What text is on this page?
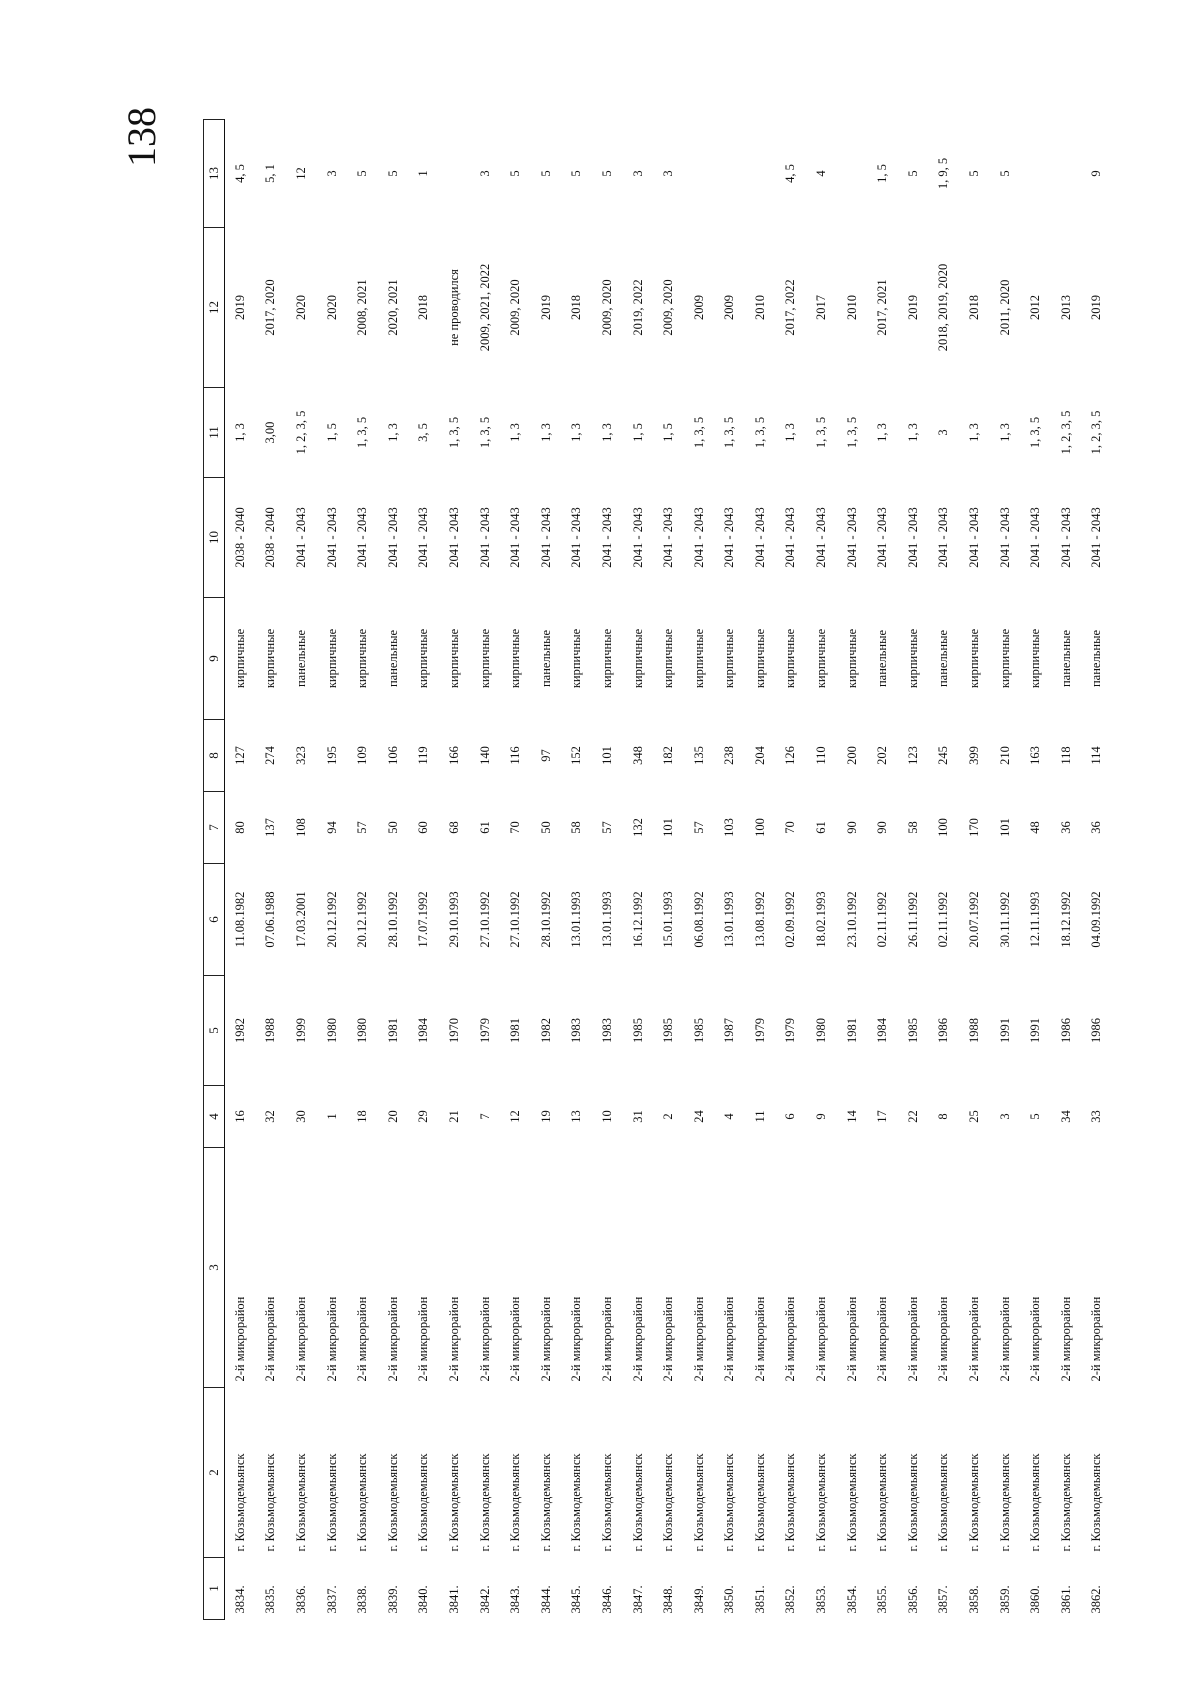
138
1	2	3	4	5	6	7	8	9	10	11	12	13
3834.	г. Козьмодемьянск	2-й микрорайон	16	1982	11.08.1982	80	127	кирпичные	2038 - 2040	1, 3	2019	4, 5
3835.	г. Козьмодемьянск	2-й микрорайон	32	1988	07.06.1988	137	274	кирпичные	2038 - 2040	3,00	2017, 2020	5, 1
3836.	г. Козьмодемьянск	2-й микрорайон	30	1999	17.03.2001	108	323	панельные	2041 - 2043	1, 2, 3, 5	2020	12
3837.	г. Козьмодемьянск	2-й микрорайон	1	1980	20.12.1992	94	195	кирпичные	2041 - 2043	1, 5	2020	3
3838.	г. Козьмодемьянск	2-й микрорайон	18	1980	20.12.1992	57	109	кирпичные	2041 - 2043	1, 3, 5	2008, 2021	5
3839.	г. Козьмодемьянск	2-й микрорайон	20	1981	28.10.1992	50	106	панельные	2041 - 2043	1, 3	2020, 2021	5
3840.	г. Козьмодемьянск	2-й микрорайон	29	1984	17.07.1992	60	119	кирпичные	2041 - 2043	3, 5	2018	1
3841.	г. Козьмодемьянск	2-й микрорайон	21	1970	29.10.1993	68	166	кирпичные	2041 - 2043	1, 3, 5	не проводился	
3842.	г. Козьмодемьянск	2-й микрорайон	7	1979	27.10.1992	61	140	кирпичные	2041 - 2043	1, 3, 5	2009, 2021, 2022	3
3843.	г. Козьмодемьянск	2-й микрорайон	12	1981	27.10.1992	70	116	кирпичные	2041 - 2043	1, 3	2009, 2020	5
3844.	г. Козьмодемьянск	2-й микрорайон	19	1982	28.10.1992	50	97	панельные	2041 - 2043	1, 3	2019	5
3845.	г. Козьмодемьянск	2-й микрорайон	13	1983	13.01.1993	58	152	кирпичные	2041 - 2043	1, 3	2018	5
3846.	г. Козьмодемьянск	2-й микрорайон	10	1983	13.01.1993	57	101	кирпичные	2041 - 2043	1, 3	2009, 2020	5
3847.	г. Козьмодемьянск	2-й микрорайон	31	1985	16.12.1992	132	348	кирпичные	2041 - 2043	1, 5	2019, 2022	3
3848.	г. Козьмодемьянск	2-й микрорайон	2	1985	15.01.1993	101	182	кирпичные	2041 - 2043	1, 5	2009, 2020	3
3849.	г. Козьмодемьянск	2-й микрорайон	24	1985	06.08.1992	57	135	кирпичные	2041 - 2043	1, 3, 5	2009	
3850.	г. Козьмодемьянск	2-й микрорайон	4	1987	13.01.1993	103	238	кирпичные	2041 - 2043	1, 3, 5	2009	
3851.	г. Козьмодемьянск	2-й микрорайон	11	1979	13.08.1992	100	204	кирпичные	2041 - 2043	1, 3, 5	2010	
3852.	г. Козьмодемьянск	2-й микрорайон	6	1979	02.09.1992	70	126	кирпичные	2041 - 2043	1, 3	2017, 2022	4, 5
3853.	г. Козьмодемьянск	2-й микрорайон	9	1980	18.02.1993	61	110	кирпичные	2041 - 2043	1, 3, 5	2017	4
3854.	г. Козьмодемьянск	2-й микрорайон	14	1981	23.10.1992	90	200	кирпичные	2041 - 2043	1, 3, 5	2010	
3855.	г. Козьмодемьянск	2-й микрорайон	17	1984	02.11.1992	90	202	панельные	2041 - 2043	1, 3	2017, 2021	1, 5
3856.	г. Козьмодемьянск	2-й микрорайон	22	1985	26.11.1992	58	123	кирпичные	2041 - 2043	1, 3	2019	5
3857.	г. Козьмодемьянск	2-й микрорайон	8	1986	02.11.1992	100	245	панельные	2041 - 2043	3	2018, 2019, 2020	1, 9, 5
3858.	г. Козьмодемьянск	2-й микрорайон	25	1988	20.07.1992	170	399	кирпичные	2041 - 2043	1, 3	2018	5
3859.	г. Козьмодемьянск	2-й микрорайон	3	1991	30.11.1992	101	210	кирпичные	2041 - 2043	1, 3	2011, 2020	5
3860.	г. Козьмодемьянск	2-й микрорайон	5	1991	12.11.1993	48	163	кирпичные	2041 - 2043	1, 3, 5	2012	
3861.	г. Козьмодемьянск	2-й микрорайон	34	1986	18.12.1992	36	118	панельные	2041 - 2043	1, 2, 3, 5	2013	
3862.	г. Козьмодемьянск	2-й микрорайон	33	1986	04.09.1992	36	114	панельные	2041 - 2043	1, 2, 3, 5	2019	9
